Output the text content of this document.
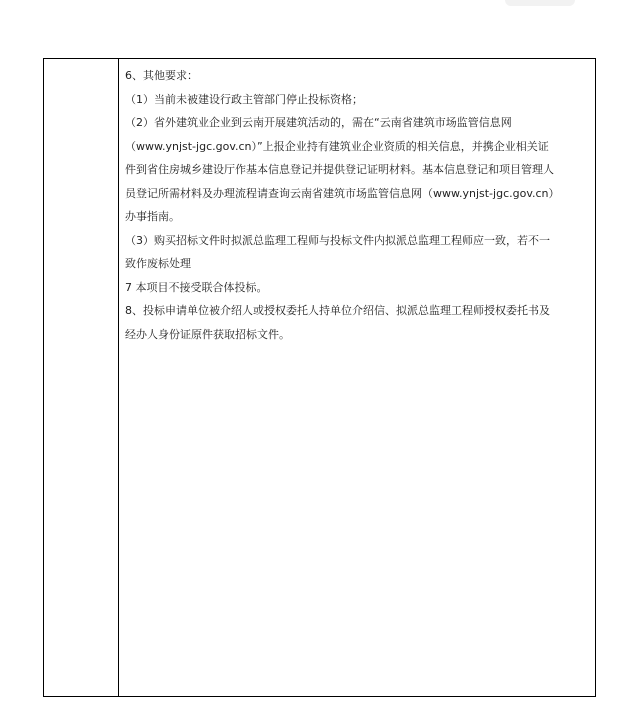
6、其他要求：
（1）当前未被建设行政主管部门停止投标资格；
（2）省外建筑业企业到云南开展建筑活动的，需在“云南省建筑市场监管信息网
（www.ynjst-jgc.gov.cn）”上报企业持有建筑业企业资质的相关信息，并携企业相关证
件到省住房城乡建设厅作基本信息登记并提供登记证明材料。基本信息登记和项目管理人
员登记所需材料及办理流程请查询云南省建筑市场监管信息网（www.ynjst-jgc.gov.cn）
办事指南。
（3）购买招标文件时拟派总监理工程师与投标文件内拟派总监理工程师应一致，若不一
致作废标处理
7 本项目不接受联合体投标。
8、投标申请单位被介绍人或授权委托人持单位介绍信、拟派总监理工程师授权委托书及
经办人身份证原件获取招标文件。
